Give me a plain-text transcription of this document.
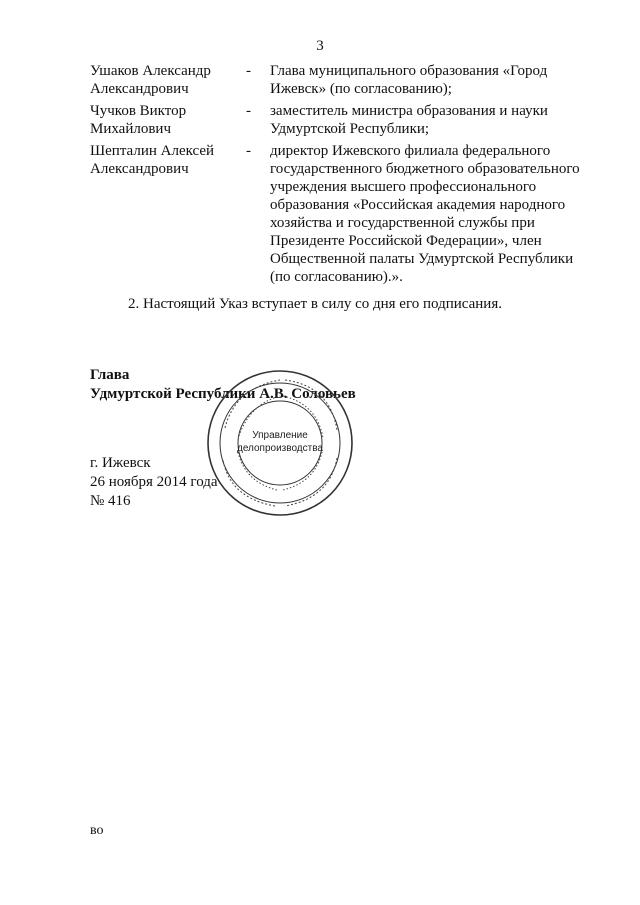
3
Ушаков Александр
Александрович
-	Глава муниципального образования «Город
Ижевск» (по согласованию);
Чучков Виктор
Михайлович
-	заместитель министра образования и науки
Удмуртской Республики;
Шепталин Алексей
Александрович
-	директор Ижевского филиала федерального
государственного бюджетного образовательного
учреждения высшего профессионального
образования «Российская академия народного
хозяйства и государственной службы при
Президенте Российской Федерации», член
Общественной палаты Удмуртской Республики
(по согласованию).».
2. Настоящий Указ вступает в силу со дня его подписания.
Глава
Удмуртской Республики А.В. Соловьев
Управление
делопроизводства
г. Ижевск
26 ноября 2014 года
№ 416
во
